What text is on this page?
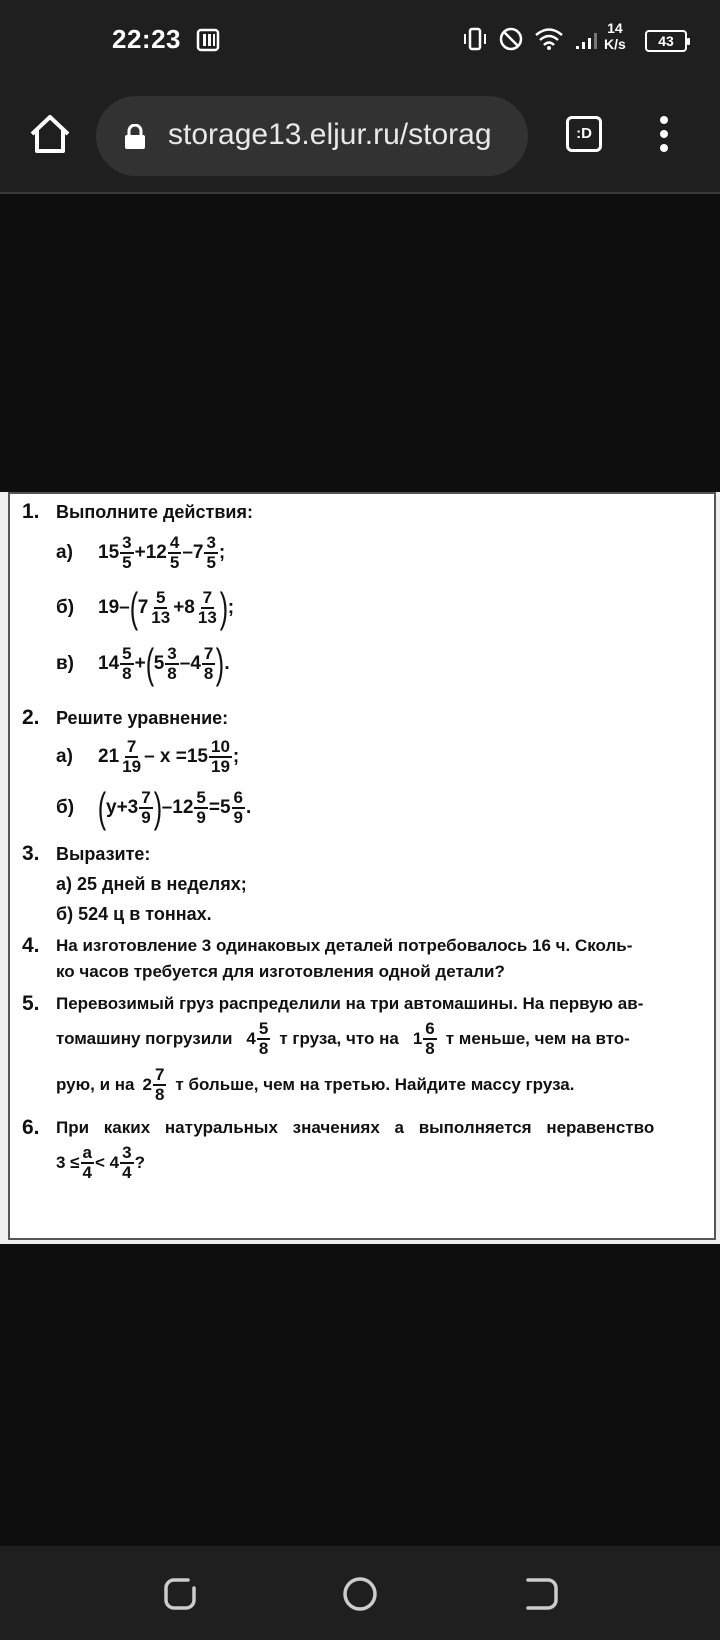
22:23	14
K/s	43
storage13.eljur.ru/storag	:D
1. Выполните действия:
а)	$15 \frac{3}{5} +12 \frac{4}{5} -7 \frac{3}{5}$ ;
б)	19– ( $7 \frac{5}{13} +8 \frac{7}{13}$ ) ;
в)	$14 \frac{5}{8}$ + ( $5 \frac{3}{8} -4 \frac{7}{8}$ ) .
2. Решите уравнение:
а)	$21 \frac{7}{19} - x =15 \frac{10}{19}$ ;
б) ( $y+3 \frac{7}{9}$ ) $-12 \frac{5}{9} =5 \frac{6}{9}$ .
3. Выразите:
а) 25 дней в неделях;
б) 524 ц в тоннах.
4. На изготовление 3 одинаковых деталей потребовалось 16 ч. Сколь-
ко часов требуется для изготовления одной детали?
5. Перевозимый груз распределили на три автомашины. На первую ав-
томашину погрузили $4 \frac{5}{8}$ т груза, что на $1 \frac{6}{8}$ т меньше, чем на вто-
рую, и на $2 \frac{7}{8}$ т больше, чем на третью. Найдите массу груза.
6. При каких натуральных значениях a выполняется неравенство
$3 \le \frac{a}{4} < 4 \frac{3}{4}$ ?
